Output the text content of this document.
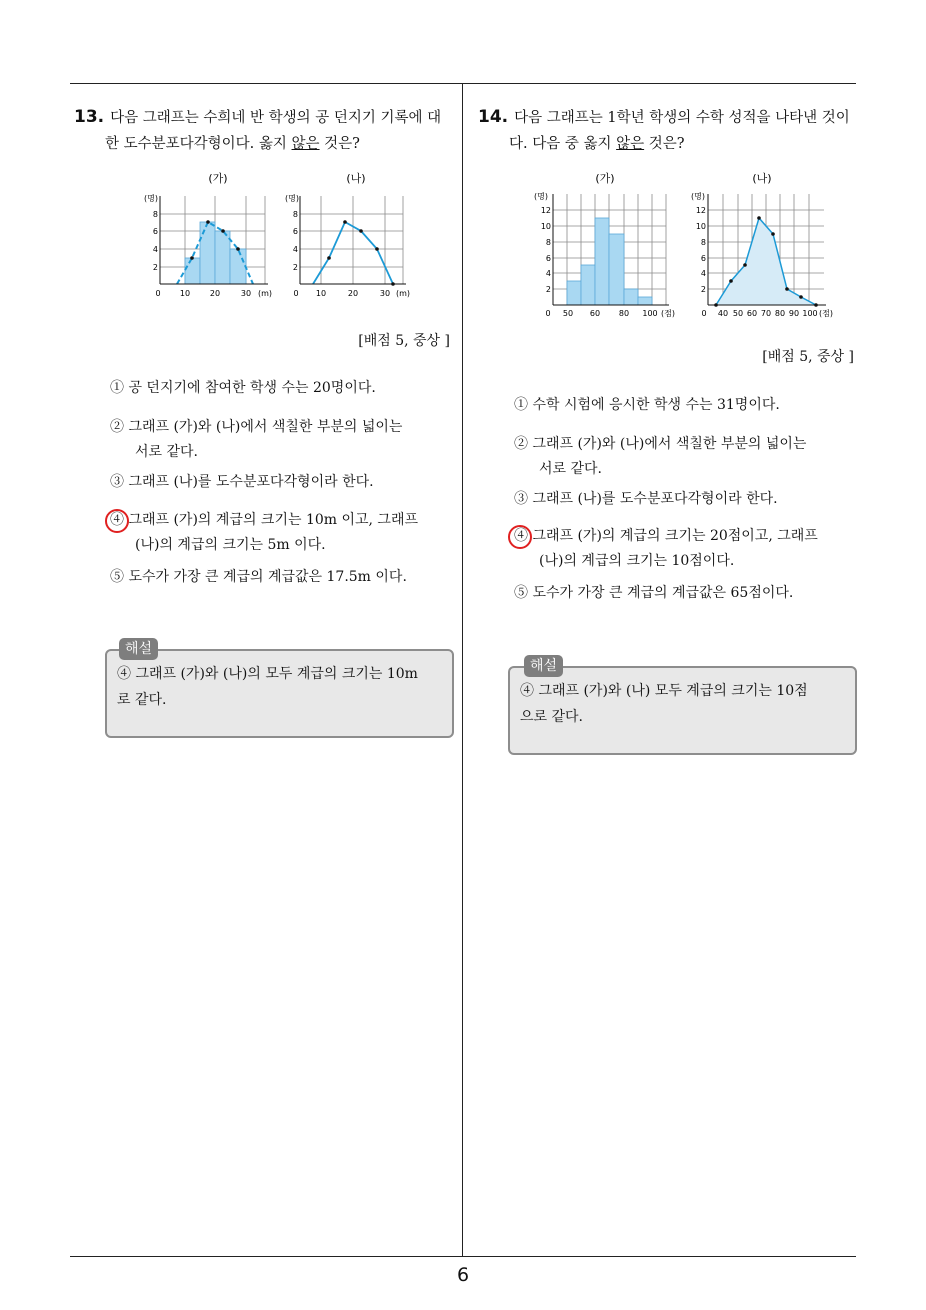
13. 다음 그래프는 수희네 반 학생의 공 던지기 기록에 대
한 도수분포다각형이다. 옳지 않은 것은?
(가)
(명)
8
6
4
2
0 10 20	30 (m)
(나)
(명)
8
6
4
2
0 10	20	30 (m)
[배점 5, 중상 ]
① 공 던지기에 참여한 학생 수는 20명이다.
② 그래프 (가)와 (나)에서 색칠한 부분의 넓이는
서로 같다.
③ 그래프 (나)를 도수분포다각형이라 한다.
④ 그래프 (가)의 계급의 크기는 10m 이고, 그래프
(나)의 계급의 크기는 5m 이다.
⑤ 도수가 가장 큰 계급의 계급값은 17.5m 이다.
④ 그래프 (가)와 (나)의 모두 계급의 크기는 10m
로 같다.
해설
14. 다음 그래프는 1학년 학생의 수학 성적을 나타낸 것이
다. 다음 중 옳지 않은 것은?
(가)
(명)
12
10
8
6
4
2
0 50 60 80 100 (점)
(나)
(명)
12
10
8
6
4
2
0 40 50 60 70 80 90 100 (점)
[배점 5, 중상 ]
① 수학 시험에 응시한 학생 수는 31명이다.
② 그래프 (가)와 (나)에서 색칠한 부분의 넓이는
서로 같다.
③ 그래프 (나)를 도수분포다각형이라 한다.
④ 그래프 (가)의 계급의 크기는 20점이고, 그래프
(나)의 계급의 크기는 10점이다.
⑤ 도수가 가장 큰 계급의 계급값은 65점이다.
④ 그래프 (가)와 (나) 모두 계급의 크기는 10점
으로 같다.
해설
6
